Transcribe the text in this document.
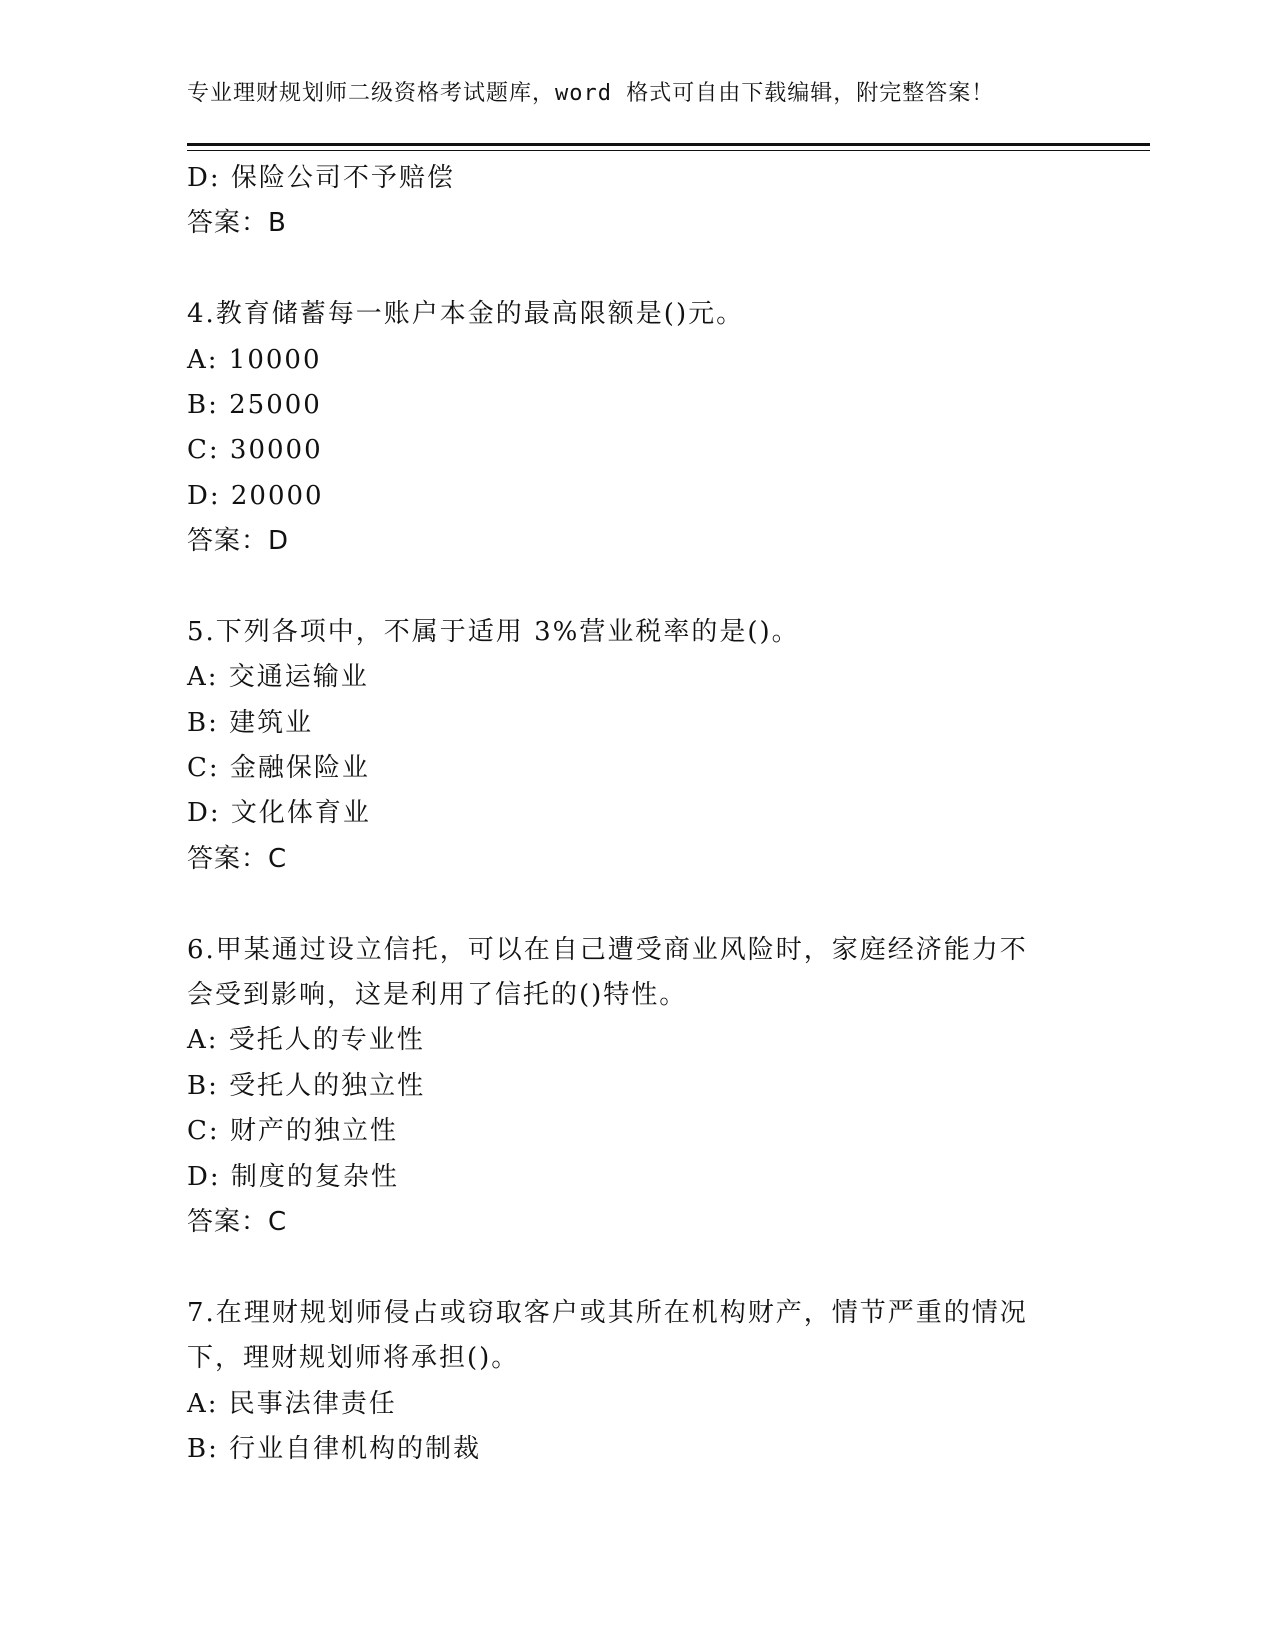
专业理财规划师二级资格考试题库，word 格式可自由下载编辑，附完整答案！
D: 保险公司不予赔偿
答案：B
4.教育储蓄每一账户本金的最高限额是()元。
A: 10000
B: 25000
C: 30000
D: 20000
答案：D
5.下列各项中，不属于适用 3%营业税率的是()。
A: 交通运输业
B: 建筑业
C: 金融保险业
D: 文化体育业
答案：C
6.甲某通过设立信托，可以在自己遭受商业风险时，家庭经济能力不
会受到影响，这是利用了信托的()特性。
A: 受托人的专业性
B: 受托人的独立性
C: 财产的独立性
D: 制度的复杂性
答案：C
7.在理财规划师侵占或窃取客户或其所在机构财产，情节严重的情况
下，理财规划师将承担()。
A: 民事法律责任
B: 行业自律机构的制裁
